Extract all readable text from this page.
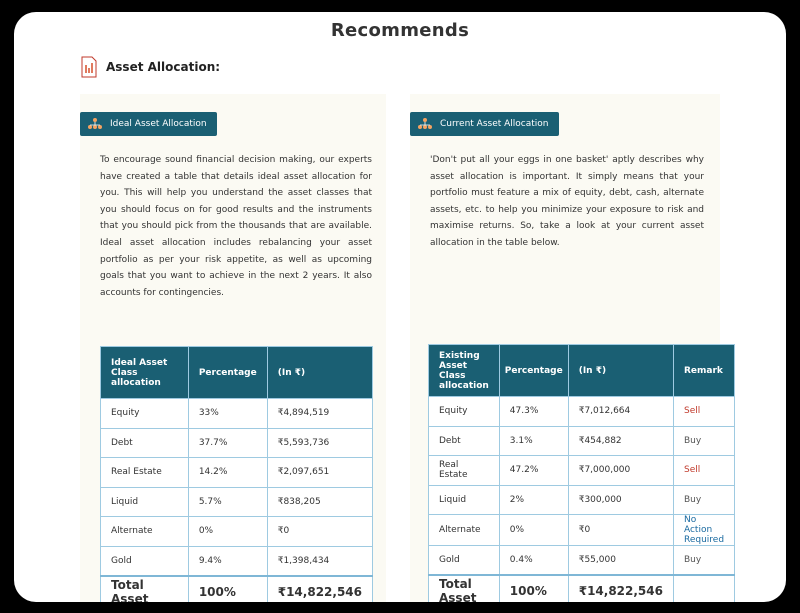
Recommends
Asset Allocation:
Ideal Asset Allocation
To encourage sound financial decision making, our experts have created a table that details ideal asset allocation for you. This will help you understand the asset classes that you should focus on for good results and the instruments that you should pick from the thousands that are available. Ideal asset allocation includes rebalancing your asset portfolio as per your risk appetite, as well as upcoming goals that you want to achieve in the next 2 years. It also accounts for contingencies.
Ideal Asset Class allocation	Percentage	(In ₹)
Equity	33%	₹4,894,519
Debt	37.7%	₹5,593,736
Real Estate	14.2%	₹2,097,651
Liquid	5.7%	₹838,205
Alternate	0%	₹0
Gold	9.4%	₹1,398,434
Total Asset	100%	₹14,822,546
Current Asset Allocation
'Don't put all your eggs in one basket' aptly describes why asset allocation is important. It simply means that your portfolio must feature a mix of equity, debt, cash, alternate assets, etc. to help you minimize your exposure to risk and maximise returns. So, take a look at your current asset allocation in the table below.
Existing Asset Class allocation	Percentage	(In ₹)	Remark
Equity	47.3%	₹7,012,664	Sell
Debt	3.1%	₹454,882	Buy
Real Estate	47.2%	₹7,000,000	Sell
Liquid	2%	₹300,000	Buy
Alternate	0%	₹0	No Action Required
Gold	0.4%	₹55,000	Buy
Total Asset	100%	₹14,822,546	
